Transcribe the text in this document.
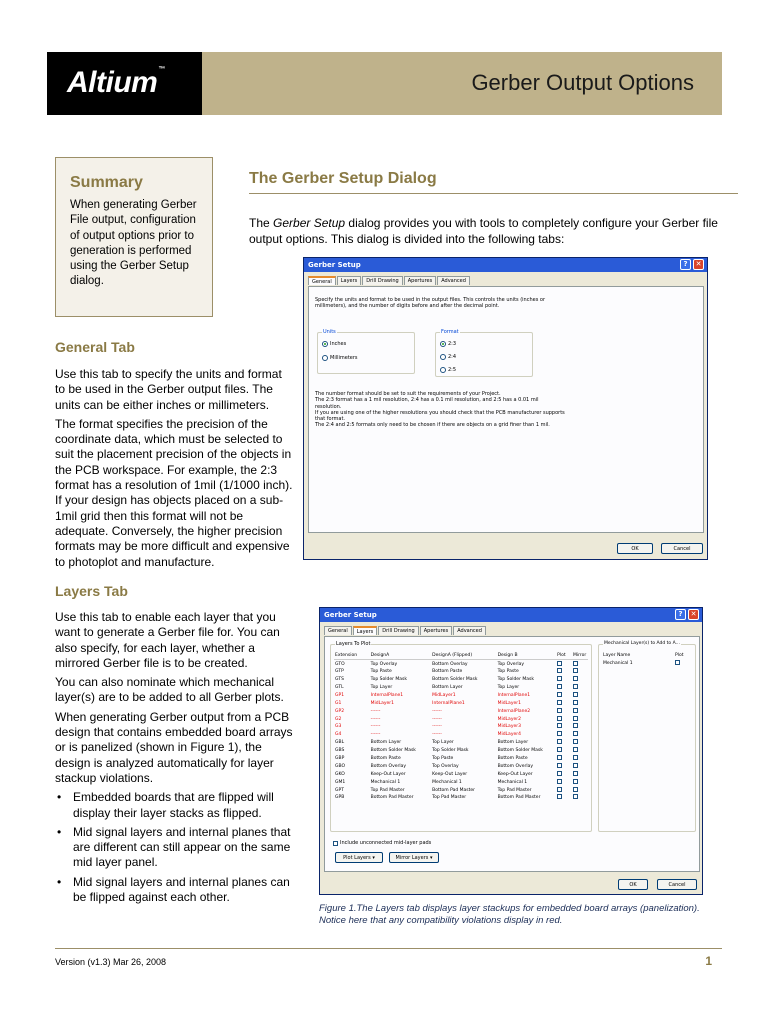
Altium™
Gerber Output Options
Summary

When generating Gerber File output, configuration of output options prior to generation is performed using the Gerber Setup dialog.

The Gerber Setup Dialog
The Gerber Setup dialog provides you with tools to completely configure your Gerber file output options. This dialog is divided into the following tabs:
General Tab

Use this tab to specify the units and format to be used in the Gerber output files. The units can be either inches or millimeters.

The format specifies the precision of the coordinate data, which must be selected to suit the placement precision of the objects in the PCB workspace. For example, the 2:3 format has a resolution of 1mil (1/1000 inch). If your design has objects placed on a sub-1mil grid then this format will not be adequate. Conversely, the higher precision formats may be more difficult and expensive to photoplot and manufacture.

Layers Tab

Use this tab to enable each layer that you want to generate a Gerber file for. You can also specify, for each layer, whether a mirrored Gerber file is to be created.

You can also nominate which mechanical layer(s) are to be added to all Gerber plots.

When generating Gerber output from a PCB design that contains embedded board arrays or is panelized (shown in Figure 1), the design is analyzed automatically for layer stackup violations.

• Embedded boards that are flipped will display their layer stacks as flipped.
• Mid signal layers and internal planes that are different can still appear on the same mid layer panel.
• Mid signal layers and internal planes can be flipped against each other.
Gerber Setup	?	✕
General	Layers	Drill Drawing	Apertures	Advanced
Specify the units and format to be used in the output files. This controls the units (inches or millimeters), and the number of digits before and after the decimal point.
Units
Inches
Millimeters
Format
2:3
2:4
2:5
The number format should be set to suit the requirements of your Project.
The 2:3 format has a 1 mil resolution, 2:4 has a 0.1 mil resolution, and 2:5 has a 0.01 mil resolution.
If you are using one of the higher resolutions you should check that the PCB manufacturer supports that format.
The 2:4 and 2:5 formats only need to be chosen if there are objects on a grid finer than 1 mil.
OK	Cancel
Gerber Setup	?	✕
General	Layers	Drill Drawing	Apertures	Advanced
Layers To Plot
Extension	DesignA	DesignA (Flipped)	Design B	Plot	Mirror
GTO	Top Overlay	Bottom Overlay	Top Overlay		
GTP	Top Paste	Bottom Paste	Top Paste		
GTS	Top Solder Mask	Bottom Solder Mask	Top Solder Mask		
GTL	Top Layer	Bottom Layer	Top Layer		
GP1	InternalPlane1	MidLayer1	InternalPlane1		
G1	MidLayer1	InternalPlane1	MidLayer1		
GP2	------	------	InternalPlane2		
G2	------	------	MidLayer2		
G3	------	------	MidLayer3		
G4	------	------	MidLayer4		
GBL	Bottom Layer	Top Layer	Bottom Layer		
GBS	Bottom Solder Mask	Top Solder Mask	Bottom Solder Mask		
GBP	Bottom Paste	Top Paste	Bottom Paste		
GBO	Bottom Overlay	Top Overlay	Bottom Overlay		
GKO	Keep-Out Layer	Keep-Out Layer	Keep-Out Layer		
GM1	Mechanical 1	Mechanical 1	Mechanical 1		
GPT	Top Pad Master	Bottom Pad Master	Top Pad Master		
GPB	Bottom Pad Master	Top Pad Master	Bottom Pad Master		
Mechanical Layer(s) to Add to A...
Layer Name	Plot
Mechanical 1	
Include unconnected mid-layer pads
Plot Layers ▾	Mirror Layers ▾
OK	Cancel
Figure 1.The Layers tab displays layer stackups for embedded board arrays (panelization). Notice here that any compatibility violations display in red.
Version (v1.3) Mar 26, 2008	1
